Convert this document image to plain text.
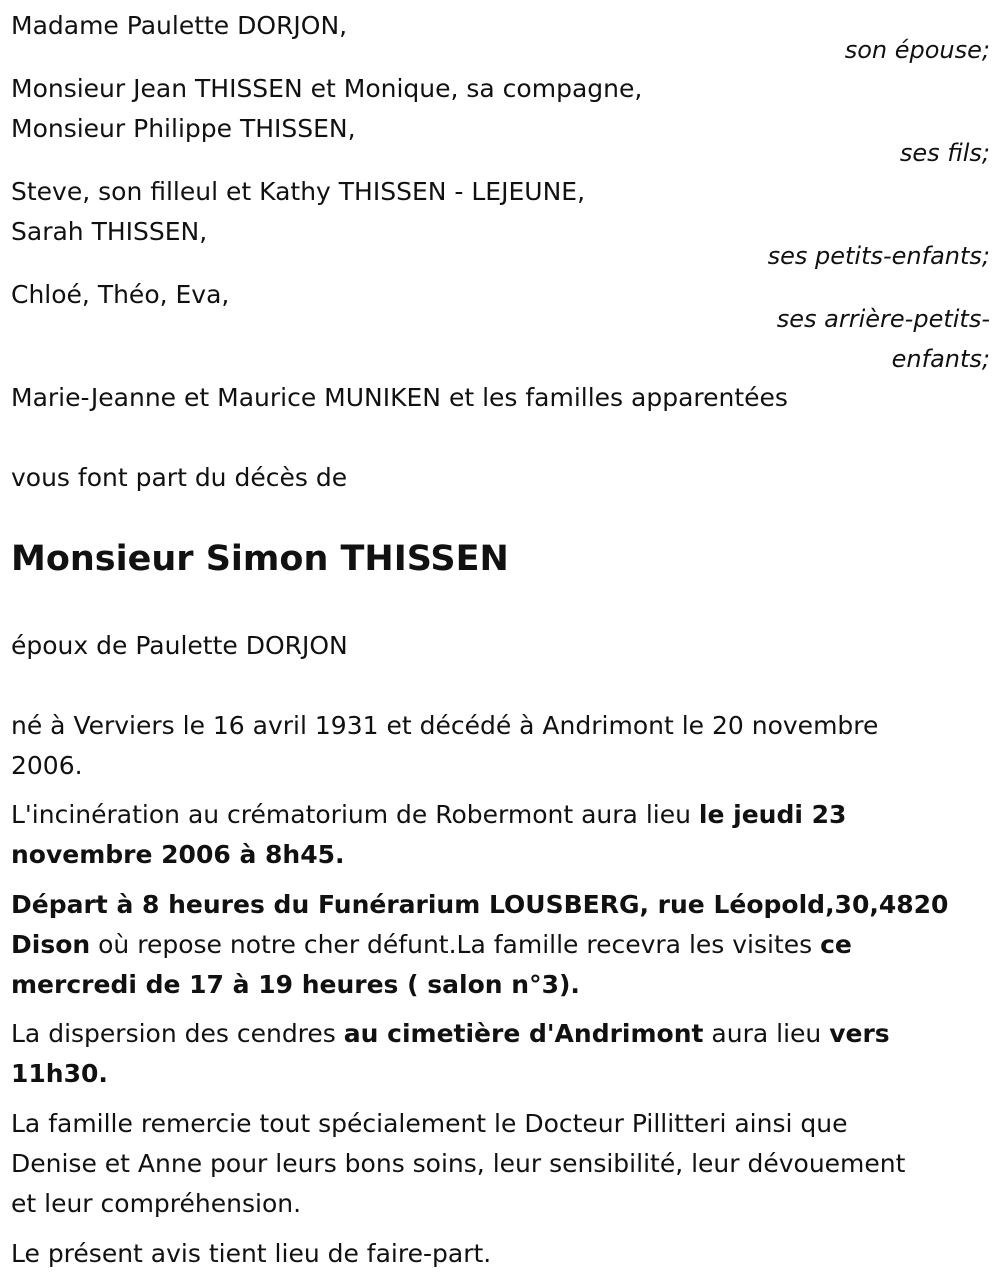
Madame Paulette DORJON,
son épouse;
Monsieur Jean THISSEN et Monique, sa compagne,
Monsieur Philippe THISSEN,
ses fils;
Steve, son filleul et Kathy THISSEN - LEJEUNE,
Sarah THISSEN,
ses petits-enfants;
Chloé, Théo, Eva,
ses arrière-petits-
enfants;
Marie-Jeanne et Maurice MUNIKEN et les familles apparentées
vous font part du décès de
Monsieur Simon THISSEN
époux de Paulette DORJON
né à Verviers le 16 avril 1931 et décédé à Andrimont le 20 novembre
2006.
L'incinération au crématorium de Robermont aura lieu le jeudi 23
novembre 2006 à 8h45.
Départ à 8 heures du Funérarium LOUSBERG, rue Léopold,30,4820
Dison où repose notre cher défunt.La famille recevra les visites ce
mercredi de 17 à 19 heures ( salon n°3).
La dispersion des cendres au cimetière d'Andrimont aura lieu vers
11h30.
La famille remercie tout spécialement le Docteur Pillitteri ainsi que
Denise et Anne pour leurs bons soins, leur sensibilité, leur dévouement
et leur compréhension.
Le présent avis tient lieu de faire-part.
